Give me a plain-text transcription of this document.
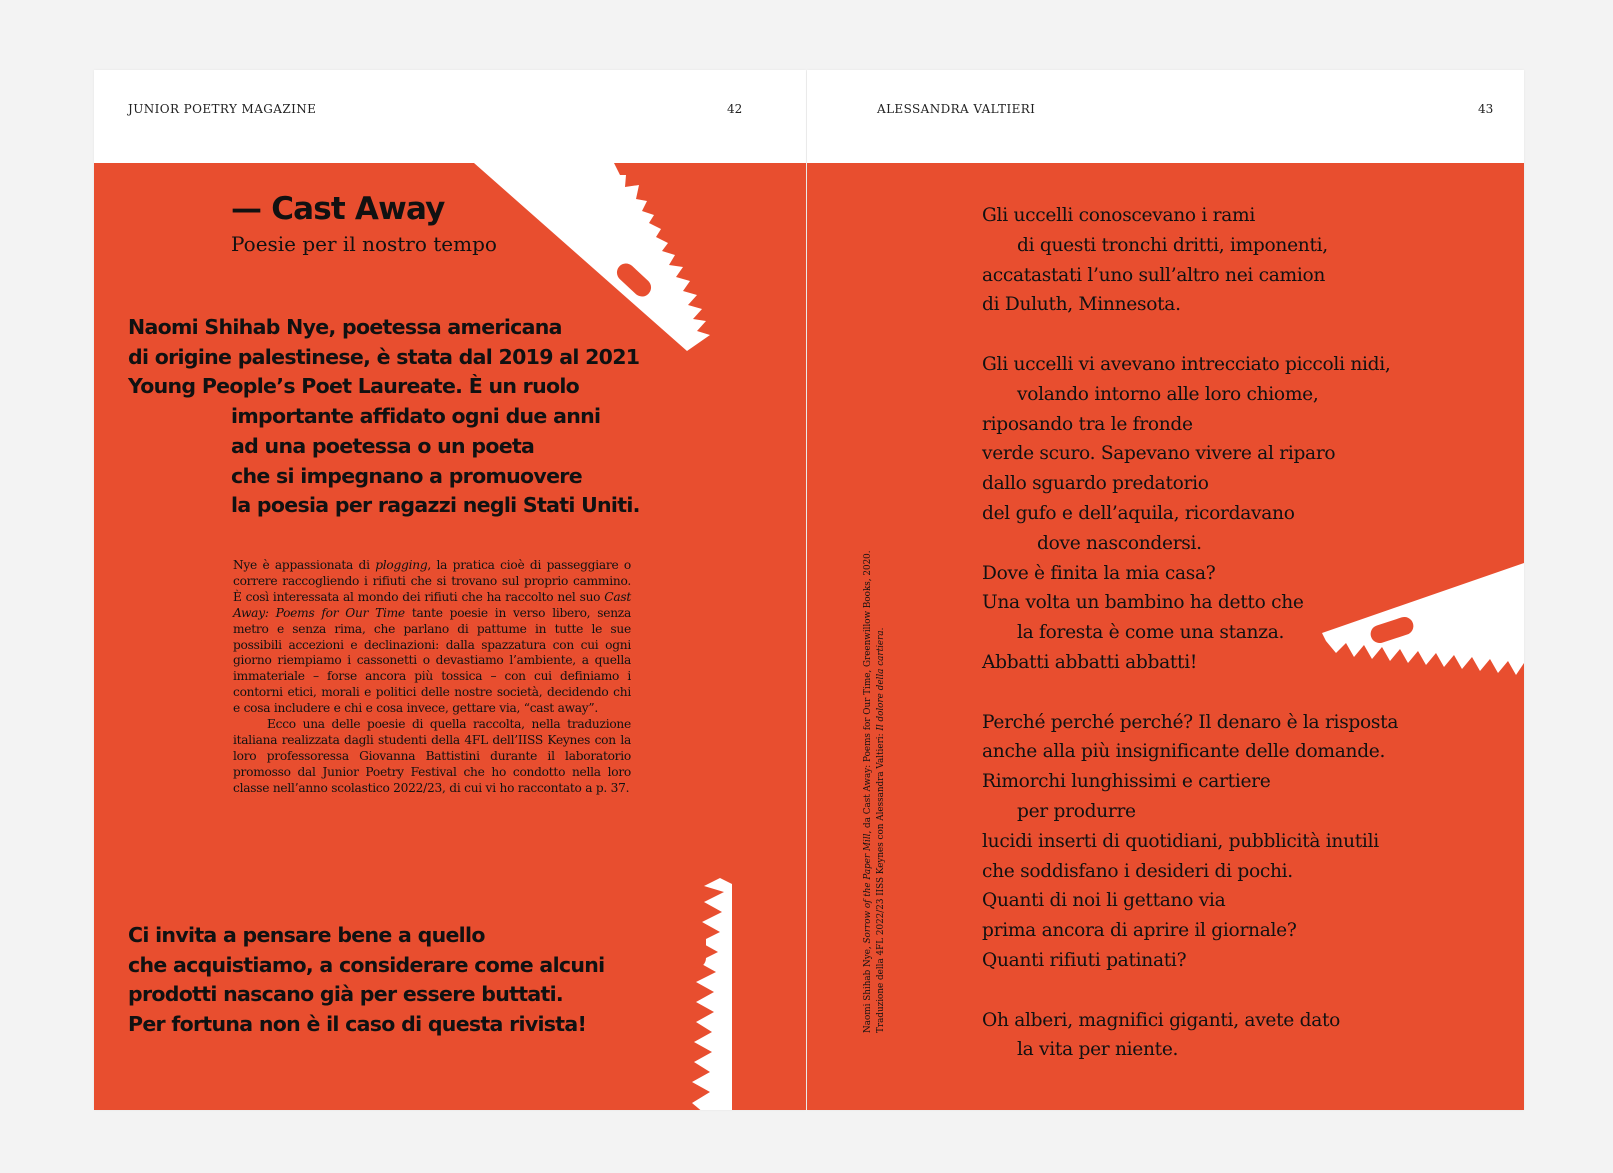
JUNIOR POETRY MAGAZINE	42
— Cast Away
Poesie per il nostro tempo
Naomi Shihab Nye, poetessa americana
di origine palestinese, è stata dal 2019 al 2021
Young People’s Poet Laureate. È un ruolo
importante affidato ogni due anni
ad una poetessa o un poeta
che si impegnano a promuovere
la poesia per ragazzi negli Stati Uniti.

Nye è appassionata di plogging, la pratica cioè di passeggiare o correre raccogliendo i rifiuti che si trovano sul proprio cammino. È così interessata al mondo dei rifiuti che ha raccolto nel suo Cast Away: Poems for Our Time tante poesie in verso libero, senza metro e senza rima, che parlano di pattume in tutte le sue possibili accezioni e declinazioni: dalla spazzatura con cui ogni giorno riempiamo i cassonetti o devastiamo l’ambiente, a quella immateriale – forse ancora più tossica – con cui definiamo i contorni etici, morali e politici delle nostre società, decidendo chi e cosa includere e chi e cosa invece, gettare via, “cast away”.

Ecco una delle poesie di quella raccolta, nella traduzione italiana realizzata dagli studenti della 4FL dell’IISS Keynes con la loro professoressa Giovanna Battistini durante il laboratorio promosso dal Junior Poetry Festival che ho condotto nella loro classe nell’anno scolastico 2022/23, di cui vi ho raccontato a p. 37.

Ci invita a pensare bene a quello
che acquistiamo, a considerare come alcuni
prodotti nascano già per essere buttati.
Per fortuna non è il caso di questa rivista!
ALESSANDRA VALTIERI	43
Naomi Shihab Nye, Sorrow of the Paper Mill, da Cast Away: Poems for Our Time, Greenwillow Books, 2020.
Traduzione della 4FL 2022/23 IISS Keynes con Alessandra Valtieri: Il dolore della cartiera.
Gli uccelli conoscevano i rami
di questi tronchi dritti, imponenti,
accatastati l’uno sull’altro nei camion
di Duluth, Minnesota.
Gli uccelli vi avevano intrecciato piccoli nidi,
volando intorno alle loro chiome,
riposando tra le fronde
verde scuro. Sapevano vivere al riparo
dallo sguardo predatorio
del gufo e dell’aquila, ricordavano
dove nascondersi.
Dove è finita la mia casa?
Una volta un bambino ha detto che
la foresta è come una stanza.
Abbatti abbatti abbatti!
Perché perché perché? Il denaro è la risposta
anche alla più insignificante delle domande.
Rimorchi lunghissimi e cartiere
per produrre
lucidi inserti di quotidiani, pubblicità inutili
che soddisfano i desideri di pochi.
Quanti di noi li gettano via
prima ancora di aprire il giornale?
Quanti rifiuti patinati?
Oh alberi, magnifici giganti, avete dato
la vita per niente.
